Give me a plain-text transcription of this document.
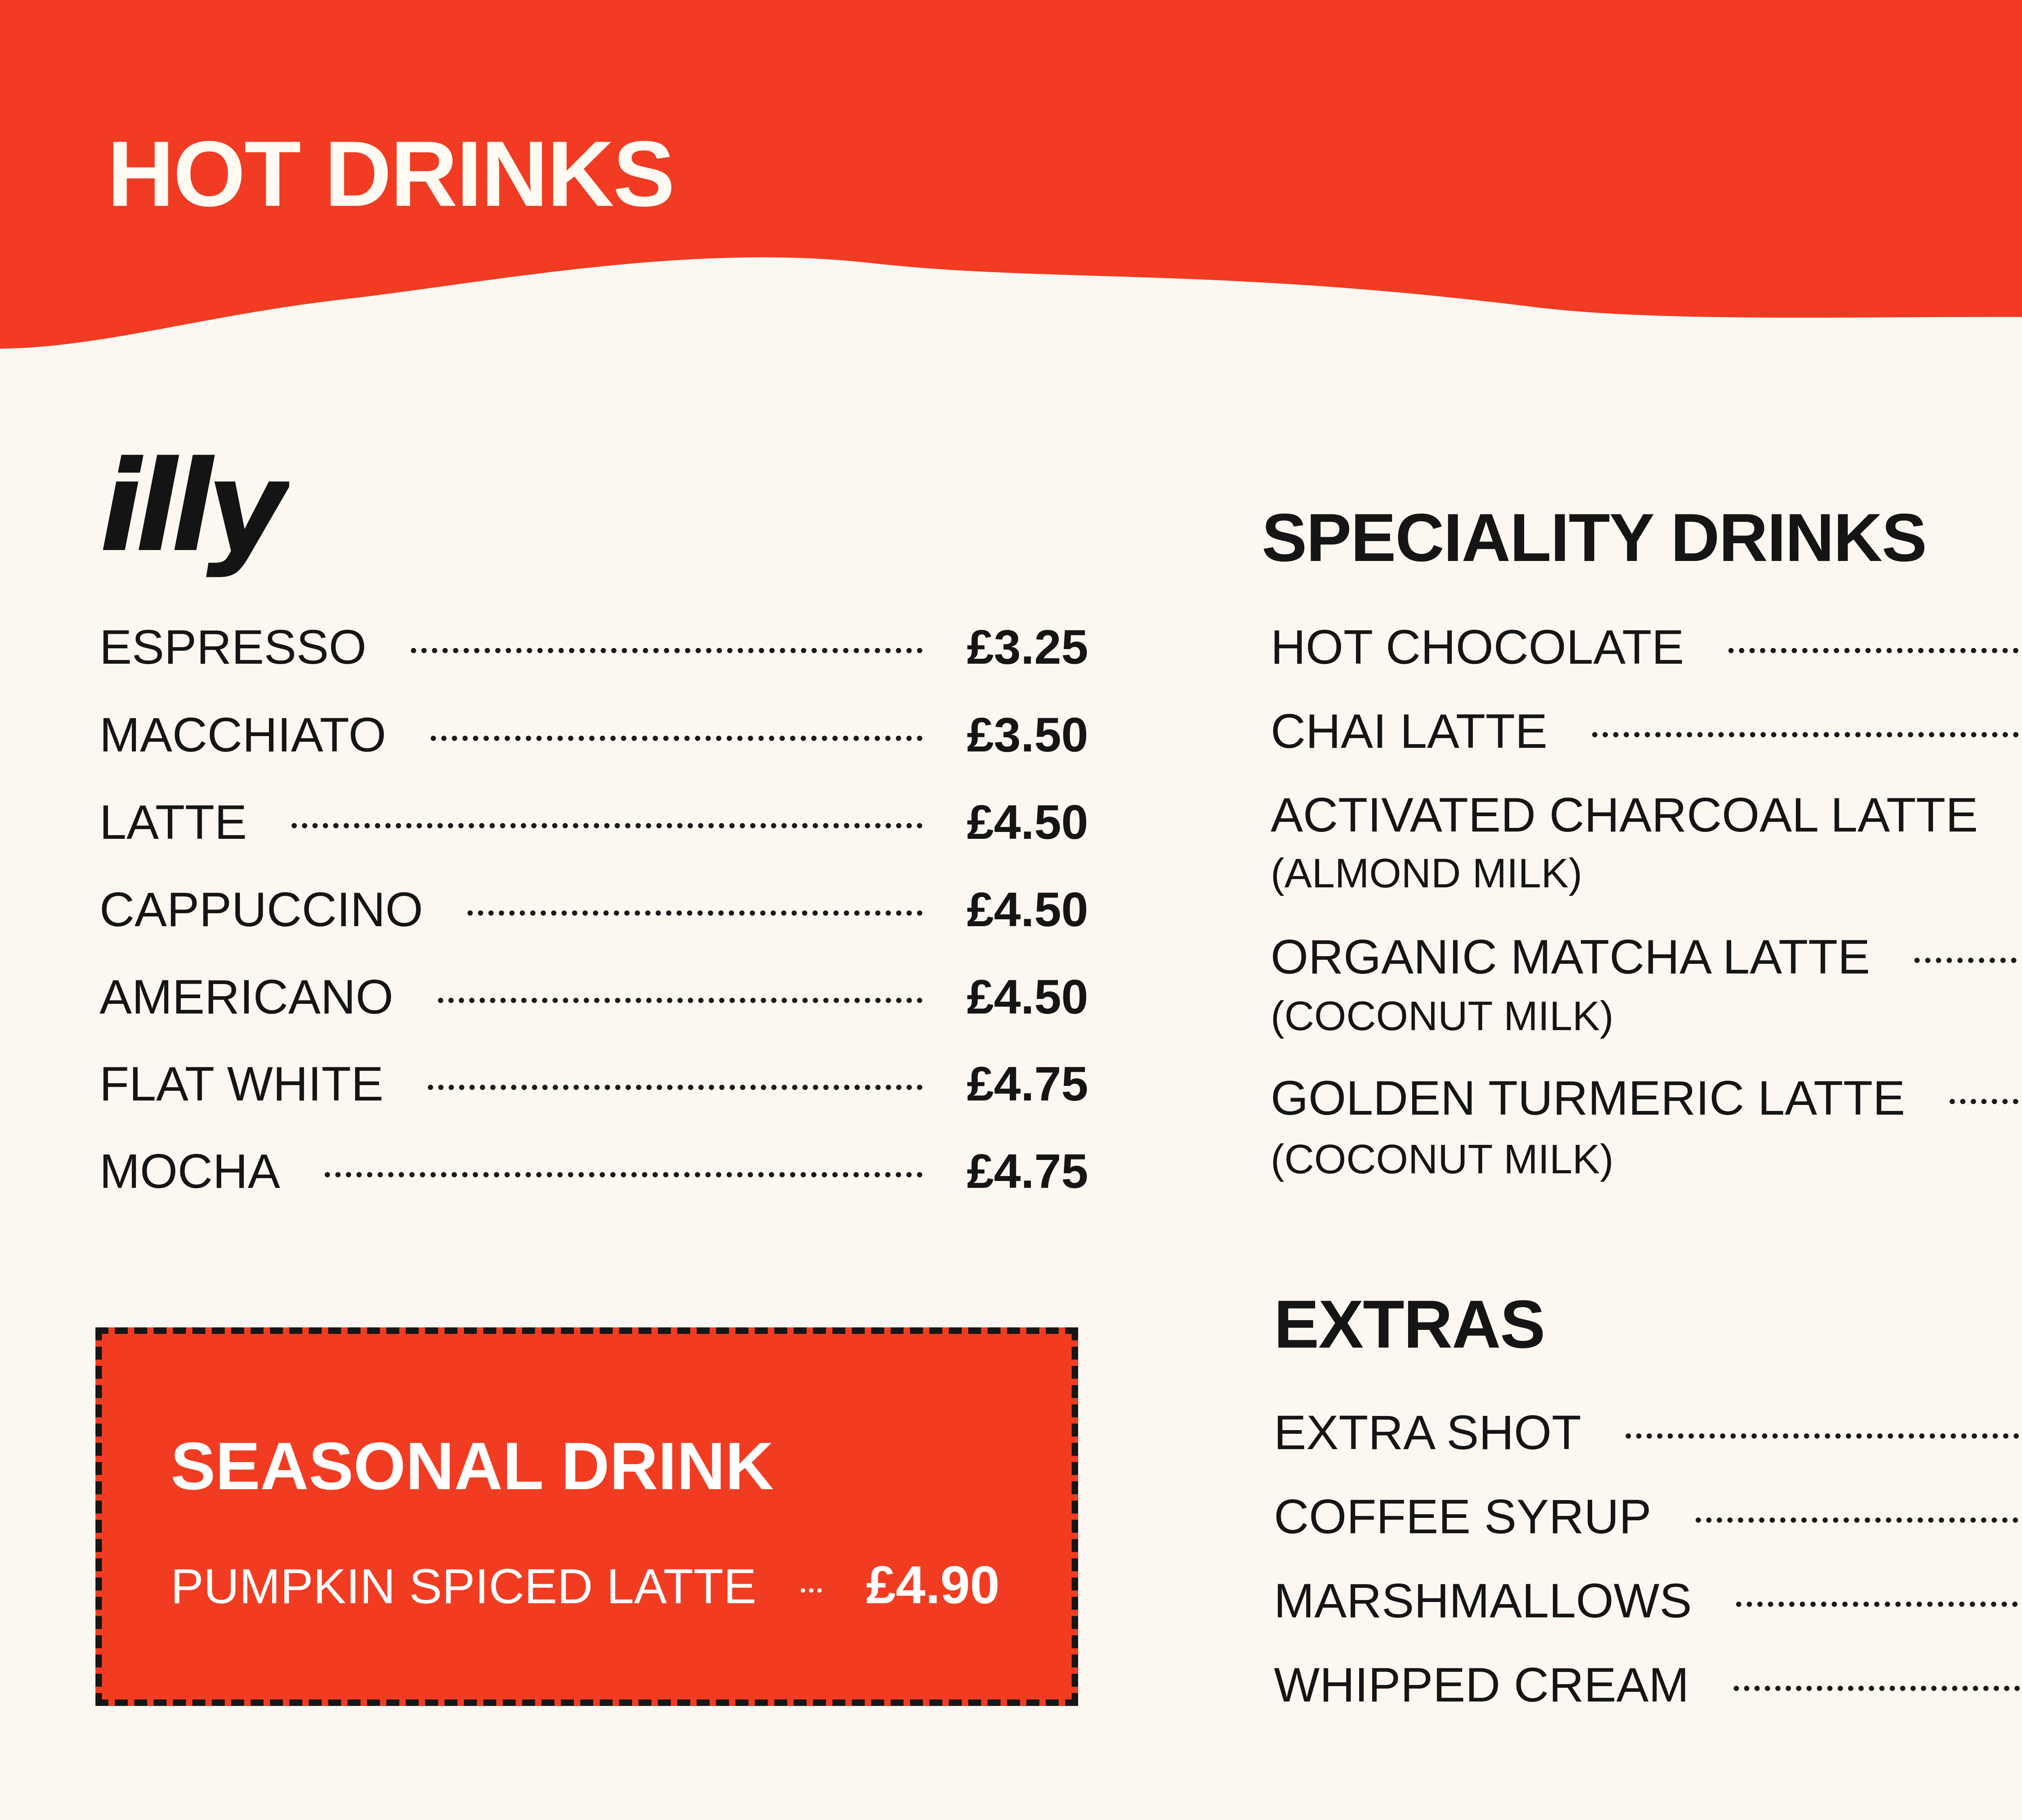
HOT DRINKS
illy
ESPRESSO	£3.25
MACCHIATO	£3.50
LATTE	£4.50
CAPPUCCINO	£4.50
AMERICANO	£4.50
FLAT WHITE	£4.75
MOCHA	£4.75
SEASONAL DRINK
PUMPKIN SPICED LATTE £4.90
SPECIALITY DRINKS
HOT CHOCOLATE
CHAI LATTE
ACTIVATED CHARCOAL LATTE
(ALMOND MILK)
ORGANIC MATCHA LATTE
(COCONUT MILK)
GOLDEN TURMERIC LATTE
(COCONUT MILK)
EXTRAS
EXTRA SHOT
COFFEE SYRUP
MARSHMALLOWS
WHIPPED CREAM
